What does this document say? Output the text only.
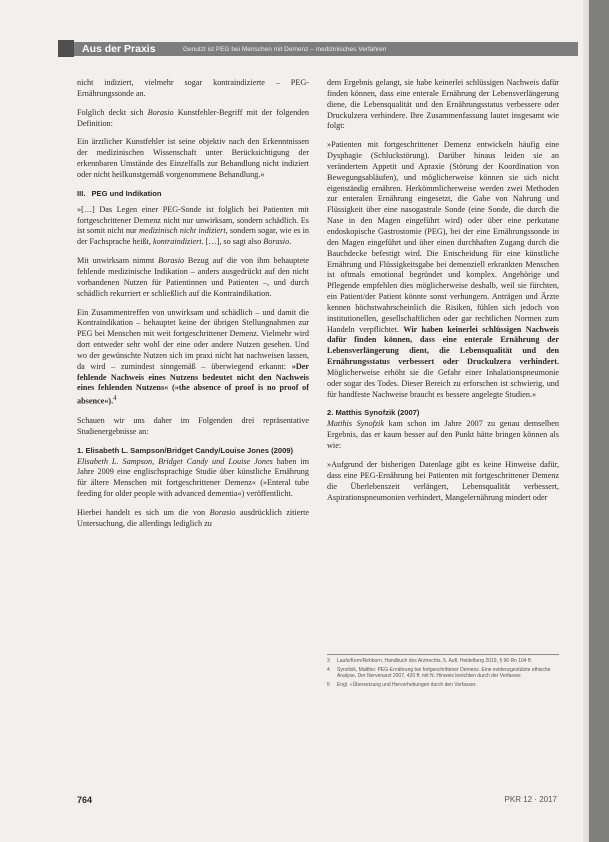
Aus der Praxis	Genutzt ist PEG bei Menschen mit Demenz – medizinisches Verfahren

nicht indiziert, vielmehr sogar kontraindizierte – PEG-Ernährungssonde an.

Folglich deckt sich Borasio Kunstfehler-Begriff mit der folgenden Definition:

Ein ärztlicher Kunstfehler ist seine objektiv nach den Erkenntnissen der medizinischen Wissenschaft unter Berücksichtigung der erkennbaren Umstände des Einzelfalls zur Behandlung nicht indiziert oder nicht heilkunstgemäß vorgenommene Behandlung.«

III. PEG und Indikation

»[…] Das Legen einer PEG-Sonde ist folglich bei Patienten mit fortgeschrittener Demenz nicht nur unwirksam, sondern schädlich. Es ist somit nicht nur medizinisch nicht indiziert, sondern sogar, wie es in der Fachsprache heißt, kontraindiziert. […], so sagt also Borasio.

Mit unwirksam nimmt Borasio Bezug auf die von ihm behauptete fehlende medizinische Indikation – anders ausgedrückt auf den nicht vorhandenen Nutzen für Patientinnen und Patienten –, und durch schädlich rekurriert er schließlich auf die Kontraindikation.

Ein Zusammentreffen von unwirksam und schädlich – und damit die Kontraindikation – behauptet keine der übrigen Stellungnahmen zur PEG bei Menschen mit weit fortgeschrittener Demenz. Vielmehr wird dort entweder sehr wohl der eine oder andere Nutzen gesehen. Und wo der gewünschte Nutzen sich im praxi nicht hat nachweisen lassen, da wird – zumindest sinngemäß – überwiegend erkannt: »Der fehlende Nachweis eines Nutzens bedeutet nicht den Nachweis eines fehlenden Nutzens« (»the absence of proof is no proof of absence«).$^4$

Schauen wir uns daher im Folgenden drei repräsentative Studienergebnisse an:

1. Elisabeth L. Sampson/Bridget Candy/Louise Jones (2009)

Elisabeth L. Sampson, Bridget Candy und Louise Jones haben im Jahre 2009 eine englischsprachige Studie über künstliche Ernährung für ältere Menschen mit fortgeschrittener Demenz« (»Enteral tube feeding for older people with advanced dementia«) veröffentlicht.

Hierbei handelt es sich um die von Borasio ausdrücklich zitierte Untersuchung, die allerdings lediglich zu

dem Ergebnis gelangt, sie habe keinerlei schlüssigen Nachweis dafür finden können, dass eine enterale Ernährung der Lebensverlängerung diene, die Lebensqualität und den Ernährungsstatus verbessere oder Druckulzera verhindere. Ihre Zusammenfassung lautet insgesamt wie folgt:

»Patienten mit fortgeschrittener Demenz entwickeln häufig eine Dysphagie (Schluckstörung). Darüber hinaus leiden sie an verändertem Appetit und Apraxie (Störung der Koordination von Bewegungsabläufen), und möglicherweise können sie sich nicht eigenständig ernähren. Herkömmlicherweise werden zwei Methoden zur enteralen Ernährung eingesetzt, die Gabe von Nahrung und Flüssigkeit über eine nasogastrale Sonde (eine Sonde, die durch die Nase in den Magen eingeführt wird) oder über eine perkutane endoskopische Gastrostomie (PEG), bei der eine Ernährungssonde in den Magen eingeführt und über einen durchhaften Zugang durch die Bauchdecke befestigt wird. Die Entscheidung für eine künstliche Ernährung und Flüssigkeitsgabe bei demenziell erkrankten Menschen ist oftmals emotional begründet und komplex. Angehörige und Pflegende empfehlen dies möglicherweise deshalb, weil sie fürchten, ein Patient/der Patient könnte sonst verhungern. Anträgen und Ärzte kennen höchstwahrscheinlich die Risiken, fühlen sich jedoch von institutionellen, gesellschaftlichen oder gar rechtlichen Normen zum Handeln verpflichtet. Wir haben keinerlei schlüssigen Nachweis dafür finden können, dass eine enterale Ernährung der Lebensverlängerung dient, die Lebensqualität und den Ernährungsstatus verbessert oder Druckulzera verhindert. Möglicherweise erhöht sie die Gefahr einer Inhalationspneumonie oder sogar des Todes. Dieser Bereich zu erforschen ist schwierig, und für handfeste Nachweise braucht es bessere angelegte Studien.«

2. Matthis Synofzik (2007)

Matthis Synofzik kam schon im Jahre 2007 zu genau demselben Ergebnis, das er kaum besser auf den Punkt hätte bringen können als wie:

»Aufgrund der bisherigen Datenlage gibt es keine Hinweise dafür, dass eine PEG-Ernährung bei Patienten mit fortgeschrittener Demenz die Überlebenszeit verlängert, Lebensqualität verbessert, Aspirationspneumonien verhindert, Mangelernährung mindert oder

3	Laufs/Kern/Rehborn, Handbuch des Arztrechts, 5. Aufl. Heidelberg 2019, § 96 Rn 104 ff.
4	Synofzik, Matthis: PEG-Ernährung bei fortgeschrittener Demenz. Eine evidenzgestützte ethische Analyse, Der Nervenarzt 2007, 420 ff. mit N. Hinweis berichten durch der Verfasser.
5	Engl. »Übersetzung und Hervorhebungen durch den Verfasser.
764	PKR 12 · 2017
